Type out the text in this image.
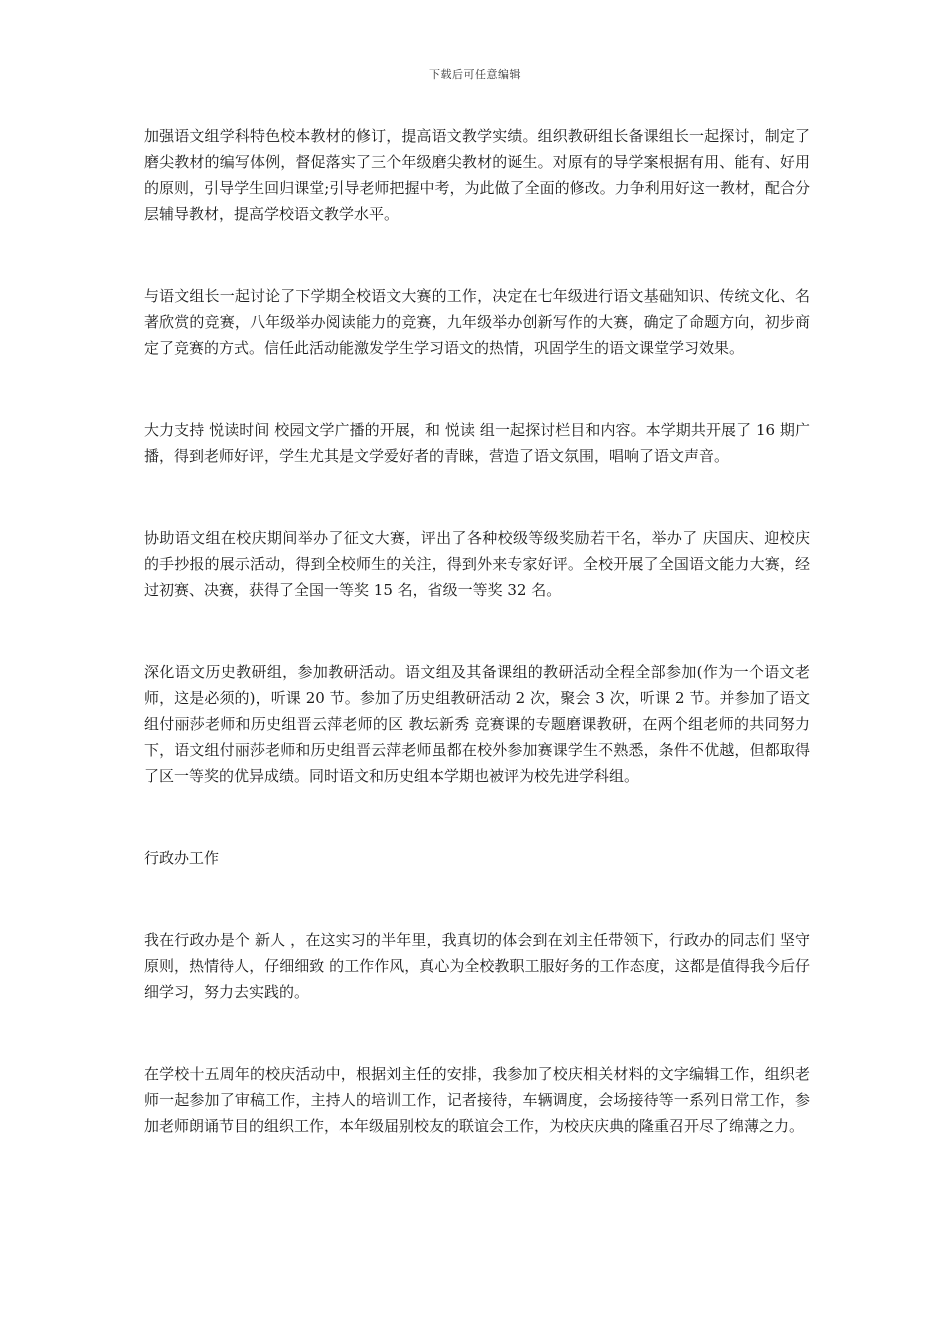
下载后可任意编辑

加强语文组学科特色校本教材的修订，提高语文教学实绩。组织教研组长备课组长一起探讨，制定了磨尖教材的编写体例，督促落实了三个年级磨尖教材的诞生。对原有的导学案根据有用、能有、好用的原则，引导学生回归课堂;引导老师把握中考，为此做了全面的修改。力争利用好这一教材，配合分层辅导教材，提高学校语文教学水平。

与语文组长一起讨论了下学期全校语文大赛的工作，决定在七年级进行语文基础知识、传统文化、名著欣赏的竞赛，八年级举办阅读能力的竞赛，九年级举办创新写作的大赛，确定了命题方向，初步商定了竞赛的方式。信任此活动能激发学生学习语文的热情，巩固学生的语文课堂学习效果。

大力支持 悦读时间 校园文学广播的开展，和 悦读 组一起探讨栏目和内容。本学期共开展了 16 期广播，得到老师好评，学生尤其是文学爱好者的青睐，营造了语文氛围，唱响了语文声音。

协助语文组在校庆期间举办了征文大赛，评出了各种校级等级奖励若干名，举办了 庆国庆、迎校庆 的手抄报的展示活动，得到全校师生的关注，得到外来专家好评。全校开展了全国语文能力大赛，经过初赛、决赛，获得了全国一等奖 15 名，省级一等奖 32 名。

深化语文历史教研组，参加教研活动。语文组及其备课组的教研活动全程全部参加(作为一个语文老师，这是必须的)，听课 20 节。参加了历史组教研活动 2 次，聚会 3 次，听课 2 节。并参加了语文组付丽莎老师和历史组晋云萍老师的区 教坛新秀 竞赛课的专题磨课教研，在两个组老师的共同努力下，语文组付丽莎老师和历史组晋云萍老师虽都在校外参加赛课学生不熟悉，条件不优越，但都取得了区一等奖的优异成绩。同时语文和历史组本学期也被评为校先进学科组。

行政办工作

我在行政办是个 新人 ，在这实习的半年里，我真切的体会到在刘主任带领下，行政办的同志们 坚守原则，热情待人，仔细细致 的工作作风，真心为全校教职工服好务的工作态度，这都是值得我今后仔细学习，努力去实践的。

在学校十五周年的校庆活动中，根据刘主任的安排，我参加了校庆相关材料的文字编辑工作，组织老师一起参加了审稿工作，主持人的培训工作，记者接待，车辆调度，会场接待等一系列日常工作，参加老师朗诵节目的组织工作，本年级届别校友的联谊会工作，为校庆庆典的隆重召开尽了绵薄之力。
